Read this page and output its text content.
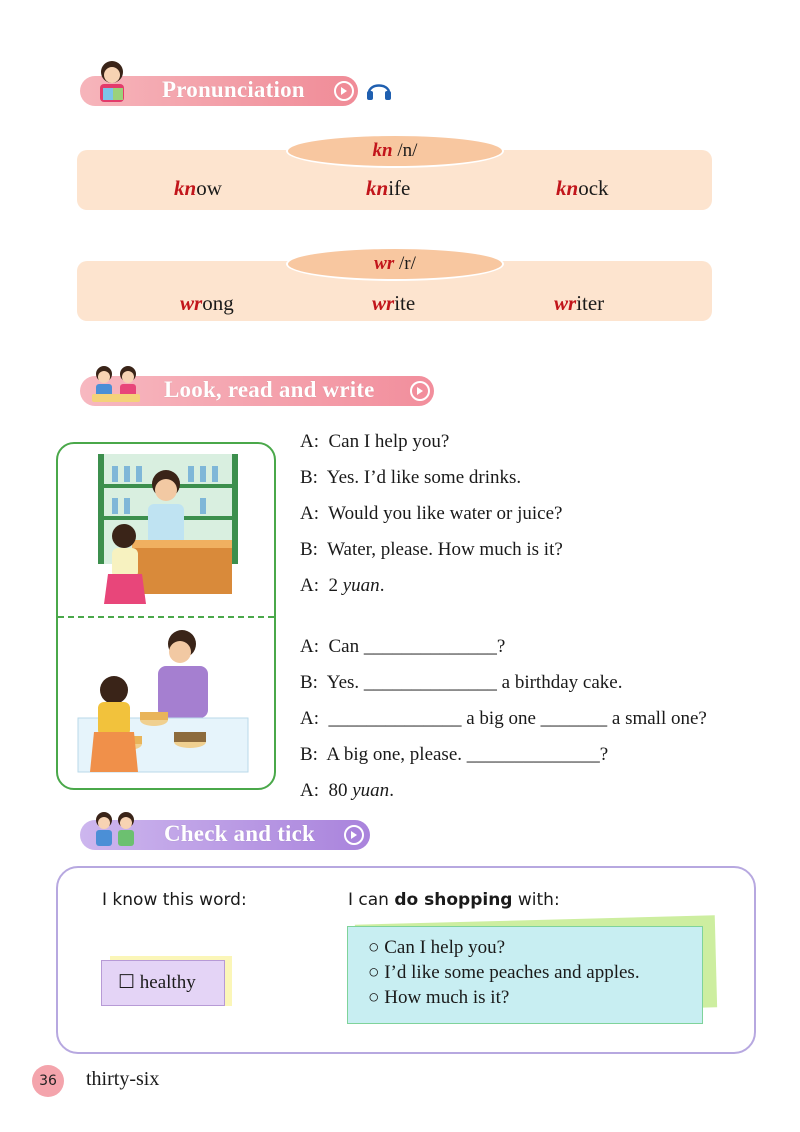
Pronunciation
kn /n/
know	knife	knock
wr /r/
wrong	write	writer
Look, read and write
A: Can I help you?
B: Yes. I’d like some drinks.
A: Would you like water or juice?
B: Water, please. How much is it?
A: 2 yuan.
A: Can ______________?
B: Yes. ______________ a birthday cake.
A: ______________ a big one _______ a small one?
B: A big one, please. ______________?
A: 80 yuan.
Check and tick
I know this word:	I can do shopping with:
☐ healthy
○ Can I help you?
○ I’d like some peaches and apples.
○ How much is it?
36	thirty-six
